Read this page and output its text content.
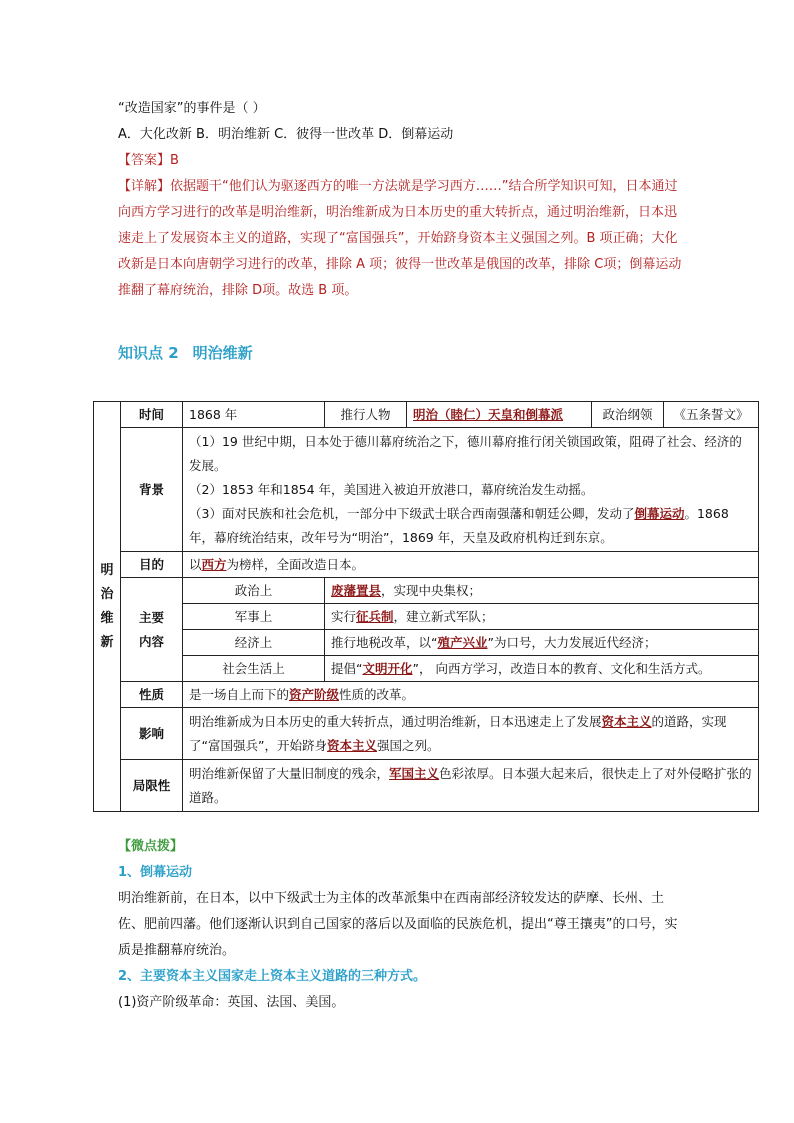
“改造国家”的事件是（ ）
A．大化改新 B．明治维新 C．彼得一世改革 D．倒幕运动
【答案】B
【详解】依据题干“他们认为驱逐西方的唯一方法就是学习西方……”结合所学知识可知，日本通过向西方学习进行的改革是明治维新，明治维新成为日本历史的重大转折点，通过明治维新，日本迅速走上了发展资本主义的道路，实现了“富国强兵”，开始跻身资本主义强国之列。B 项正确；大化改新是日本向唐朝学习进行的改革，排除 A 项；彼得一世改革是俄国的改革，排除 C项；倒幕运动推翻了幕府统治，排除 D项。故选 B 项。
知识点 2 明治维新
明治维新	时间	1868 年	推行人物	明治（睦仁）天皇和倒幕派	政治纲领	《五条誓文》
	背景	（1）19 世纪中期，日本处于德川幕府统治之下，德川幕府推行闭关锁国政策，阻碍了社会、经济的发展。
（2）1853 年和1854 年，美国进入被迫开放港口，幕府统治发生动摇。
（3）面对民族和社会危机，一部分中下级武士联合西南强藩和朝廷公卿，发动了倒幕运动。1868 年，幕府统治结束，改年号为“明治”，1869 年，天皇及政府机构迁到东京。				

	目的	以西方为榜样，全面改造日本。				

	主要内容	政治上	废藩置县，实现中央集权；			
		军事上	实行征兵制，建立新式军队；			
		经济上	推行地税改革，以“殖产兴业”为口号，大力发展近代经济；			
		社会生活上	提倡“文明开化”， 向西方学习，改造日本的教育、文化和生活方式。			
	性质	是一场自上而下的资产阶级性质的改革。				
	影响	明治维新成为日本历史的重大转折点，通过明治维新，日本迅速走上了发展资本主义的道路，实现了“富国强兵”，开始跻身资本主义强国之列。				
	局限性	明治维新保留了大量旧制度的残余，军国主义色彩浓厚。日本强大起来后，很快走上了对外侵略扩张的道路。				
【微点拨】
1、倒幕运动
明治维新前，在日本，以中下级武士为主体的改革派集中在西南部经济较发达的萨摩、长州、土佐、肥前四藩。他们逐渐认识到自己国家的落后以及面临的民族危机，提出“尊王攘夷”的口号，实质是推翻幕府统治。
2、主要资本主义国家走上资本主义道路的三种方式。
(1)资产阶级革命：英国、法国、美国。
